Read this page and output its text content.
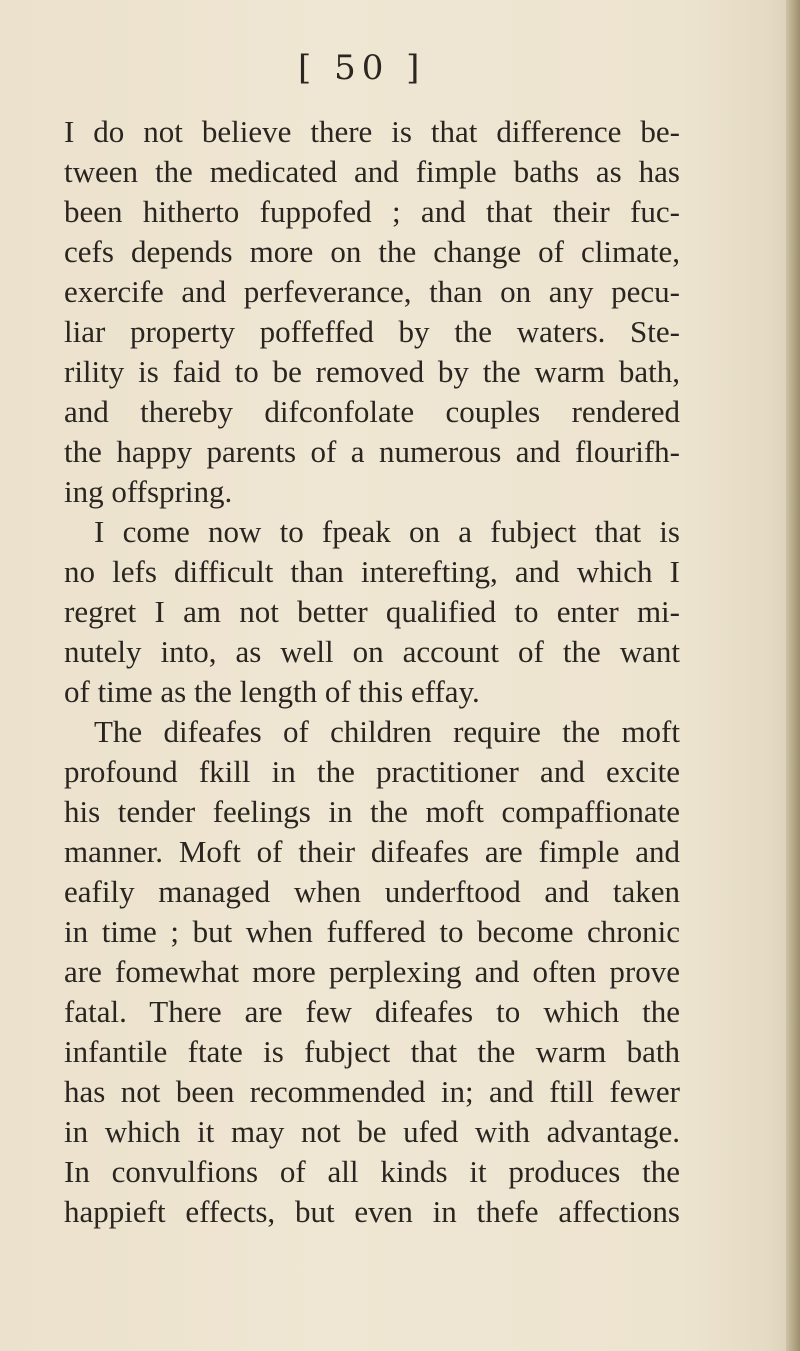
[ 50 ]
I do not believe there is that difference be-
tween the medicated and fimple baths as has
been hitherto fuppofed ; and that their fuc-
cefs depends more on the change of climate,
exercife and perfeverance, than on any pecu-
liar property poffeffed by the waters. Ste-
rility is faid to be removed by the warm bath,
and thereby difconfolate couples rendered
the happy parents of a numerous and flourifh-
ing offspring.
I come now to fpeak on a fubject that is
no lefs difficult than interefting, and which I
regret I am not better qualified to enter mi-
nutely into, as well on account of the want
of time as the length of this effay.
The difeafes of children require the moft
profound fkill in the practitioner and excite
his tender feelings in the moft compaffionate
manner. Moft of their difeafes are fimple and
eafily managed when underftood and taken
in time ; but when fuffered to become chronic
are fomewhat more perplexing and often prove
fatal. There are few difeafes to which the
infantile ftate is fubject that the warm bath
has not been recommended in; and ftill fewer
in which it may not be ufed with advantage.
In convulfions of all kinds it produces the
happieft effects, but even in thefe affections
